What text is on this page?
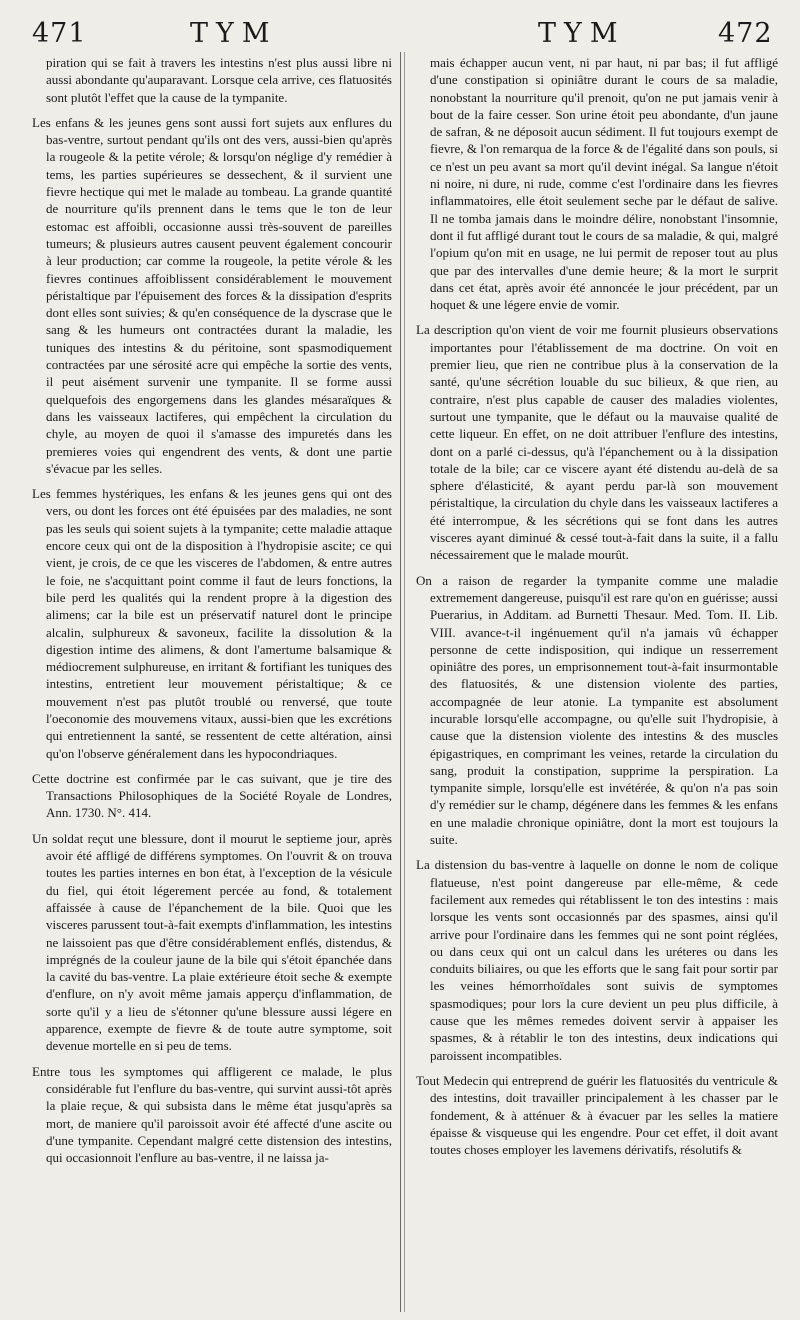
471	TYM	TYM	472

piration qui se fait à travers les intestins n'est plus aussi libre ni aussi abondante qu'auparavant. Lorsque cela arrive, ces flatuosités sont plutôt l'effet que la cause de la tympanite.

Les enfans & les jeunes gens sont aussi fort sujets aux enflures du bas-ventre, surtout pendant qu'ils ont des vers, aussi-bien qu'après la rougeole & la petite vérole; & lorsqu'on néglige d'y remédier à tems, les parties supérieures se dessechent, & il survient une fievre hectique qui met le malade au tombeau. La grande quantité de nourriture qu'ils prennent dans le tems que le ton de leur estomac est affoibli, occasionne aussi très-souvent de pareilles tumeurs; & plusieurs autres causent peuvent également concourir à leur production; car comme la rougeole, la petite vérole & les fievres continues affoiblissent considérablement le mouvement péristaltique par l'épuisement des forces & la dissipation d'esprits dont elles sont suivies; & qu'en conséquence de la dyscrase que le sang & les humeurs ont contractées durant la maladie, les tuniques des intestins & du péritoine, sont spasmodiquement contractées par une sérosité acre qui empêche la sortie des vents, il peut aisément survenir une tympanite. Il se forme aussi quelquefois des engorgemens dans les glandes mésaraïques & dans les vaisseaux lactiferes, qui empêchent la circulation du chyle, au moyen de quoi il s'amasse des impuretés dans les premieres voies qui engendrent des vents, & dont une partie s'évacue par les selles.

Les femmes hystériques, les enfans & les jeunes gens qui ont des vers, ou dont les forces ont été épuisées par des maladies, ne sont pas les seuls qui soient sujets à la tympanite; cette maladie attaque encore ceux qui ont de la disposition à l'hydropisie ascite; ce qui vient, je crois, de ce que les visceres de l'abdomen, & entre autres le foie, ne s'acquittant point comme il faut de leurs fonctions, la bile perd les qualités qui la rendent propre à la digestion des alimens; car la bile est un préservatif naturel dont le principe alcalin, sulphureux & savoneux, facilite la dissolution & la digestion intime des alimens, & dont l'amertume balsamique & médiocrement sulphureuse, en irritant & fortifiant les tuniques des intestins, entretient leur mouvement péristaltique; & ce mouvement n'est pas plutôt troublé ou renversé, que toute l'oeconomie des mouvemens vitaux, aussi-bien que les excrétions qui entretiennent la santé, se ressentent de cette altération, ainsi qu'on l'observe généralement dans les hypocondriaques.

Cette doctrine est confirmée par le cas suivant, que je tire des Transactions Philosophiques de la Société Royale de Londres, Ann. 1730. N°. 414.

Un soldat reçut une blessure, dont il mourut le septieme jour, après avoir été affligé de différens symptomes. On l'ouvrit & on trouva toutes les parties internes en bon état, à l'exception de la vésicule du fiel, qui étoit légerement percée au fond, & totalement affaissée à cause de l'épanchement de la bile. Quoi que les visceres parussent tout-à-fait exempts d'inflammation, les intestins ne laissoient pas que d'être considérablement enflés, distendus, & imprégnés de la couleur jaune de la bile qui s'étoit épanchée dans la cavité du bas-ventre. La plaie extérieure étoit seche & exempte d'enflure, on n'y avoit même jamais apperçu d'inflammation, de sorte qu'il y a lieu de s'étonner qu'une blessure aussi légere en apparence, exempte de fievre & de toute autre symptome, soit devenue mortelle en si peu de tems.

Entre tous les symptomes qui affligerent ce malade, le plus considérable fut l'enflure du bas-ventre, qui survint aussi-tôt après la plaie reçue, & qui subsista dans le même état jusqu'après sa mort, de maniere qu'il paroissoit avoir été affecté d'une ascite ou d'une tympanite. Cependant malgré cette distension des intestins, qui occasionnoit l'enflure au bas-ventre, il ne laissa ja-

mais échapper aucun vent, ni par haut, ni par bas; il fut affligé d'une constipation si opiniâtre durant le cours de sa maladie, nonobstant la nourriture qu'il prenoit, qu'on ne put jamais venir à bout de la faire cesser. Son urine étoit peu abondante, d'un jaune de safran, & ne déposoit aucun sédiment. Il fut toujours exempt de fievre, & l'on remarqua de la force & de l'égalité dans son pouls, si ce n'est un peu avant sa mort qu'il devint inégal. Sa langue n'étoit ni noire, ni dure, ni rude, comme c'est l'ordinaire dans les fievres inflammatoires, elle étoit seulement seche par le défaut de salive. Il ne tomba jamais dans le moindre délire, nonobstant l'insomnie, dont il fut affligé durant tout le cours de sa maladie, & qui, malgré l'opium qu'on mit en usage, ne lui permit de reposer tout au plus que par des intervalles d'une demie heure; & la mort le surprit dans cet état, après avoir été annoncée le jour précédent, par un hoquet & une légere envie de vomir.

La description qu'on vient de voir me fournit plusieurs observations importantes pour l'établissement de ma doctrine. On voit en premier lieu, que rien ne contribue plus à la conservation de la santé, qu'une sécrétion louable du suc bilieux, & que rien, au contraire, n'est plus capable de causer des maladies violentes, surtout une tympanite, que le défaut ou la mauvaise qualité de cette liqueur. En effet, on ne doit attribuer l'enflure des intestins, dont on a parlé ci-dessus, qu'à l'épanchement ou à la dissipation totale de la bile; car ce viscere ayant été distendu au-delà de sa sphere d'élasticité, & ayant perdu par-là son mouvement péristaltique, la circulation du chyle dans les vaisseaux lactiferes a été interrompue, & les sécrétions qui se font dans les autres visceres ayant diminué & cessé tout-à-fait dans la suite, il a fallu nécessairement que le malade mourût.

On a raison de regarder la tympanite comme une maladie extremement dangereuse, puisqu'il est rare qu'on en guérisse; aussi Puerarius, in Additam. ad Burnetti Thesaur. Med. Tom. II. Lib. VIII. avance-t-il ingénuement qu'il n'a jamais vû échapper personne de cette indisposition, qui indique un resserrement opiniâtre des pores, un emprisonnement tout-à-fait insurmontable des flatuosités, & une distension violente des parties, accompagnée de leur atonie. La tympanite est absolument incurable lorsqu'elle accompagne, ou qu'elle suit l'hydropisie, à cause que la distension violente des intestins & des muscles épigastriques, en comprimant les veines, retarde la circulation du sang, produit la constipation, supprime la perspiration. La tympanite simple, lorsqu'elle est invétérée, & qu'on n'a pas soin d'y remédier sur le champ, dégénere dans les femmes & les enfans en une maladie chronique opiniâtre, dont la mort est toujours la suite.

La distension du bas-ventre à laquelle on donne le nom de colique flatueuse, n'est point dangereuse par elle-même, & cede facilement aux remedes qui rétablissent le ton des intestins : mais lorsque les vents sont occasionnés par des spasmes, ainsi qu'il arrive pour l'ordinaire dans les femmes qui ne sont point réglées, ou dans ceux qui ont un calcul dans les uréteres ou dans les conduits biliaires, ou que les efforts que le sang fait pour sortir par les veines hémorrhoïdales sont suivis de symptomes spasmodiques; pour lors la cure devient un peu plus difficile, à cause que les mêmes remedes doivent servir à appaiser les spasmes, & à rétablir le ton des intestins, deux indications qui paroissent incompatibles.

Tout Medecin qui entreprend de guérir les flatuosités du ventricule & des intestins, doit travailler principalement à les chasser par le fondement, & à atténuer & à évacuer par les selles la matiere épaisse & visqueuse qui les engendre. Pour cet effet, il doit avant toutes choses employer les lavemens dérivatifs, résolutifs &
